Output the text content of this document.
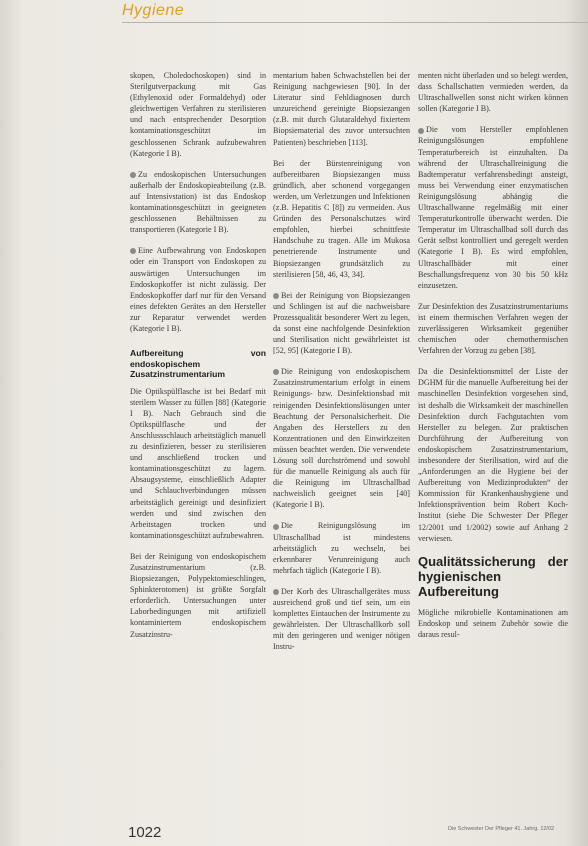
Hygiene

skopen, Choledochoskopen) sind in Sterilgutverpackung mit Gas (Ethylenoxid oder Formaldehyd) oder gleichwertigen Verfahren zu sterilisieren und nach entsprechender Desorption kontaminationsgeschützt im geschlossenen Schrank aufzubewahren (Kategorie I B).

Zu endoskopischen Untersuchungen außerhalb der Endoskopieabteilung (z.B. auf Intensivstation) ist das Endoskop kontaminationsgeschützt in geeigneten geschlossenen Behältnissen zu transportieren (Kategorie I B).

Eine Aufbewahrung von Endoskopen oder ein Transport von Endoskopen zu auswärtigen Untersuchungen im Endoskopkoffer ist nicht zulässig. Der Endoskopkoffer darf nur für den Versand eines defekten Gerätes an den Hersteller zur Reparatur verwendet werden (Kategorie I B).

Aufbereitung von endoskopischem Zusatzinstrumentarium

Die Optikspülflasche ist bei Bedarf mit sterilem Wasser zu füllen [88] (Kategorie I B). Nach Gebrauch sind die Optikspülflasche und der Anschlussschlauch arbeitstäglich manuell zu desinfizieren, besser zu sterilisieren und anschließend trocken und kontaminationsgeschützt zu lagern. Absaugsysteme, einschließlich Adapter und Schlauchverbindungen müssen arbeitstäglich gereinigt und desinfiziert werden und sind zwischen den Arbeitstagen trocken und kontaminationsgeschützt aufzubewahren.

Bei der Reinigung von endoskopischem Zusatzinstrumentarium (z.B. Biopsiezangen, Polypektomieschlingen, Sphinkterotomen) ist größte Sorgfalt erforderlich. Untersuchungen unter Laborbedingungen mit artifiziell kontaminiertem endoskopischem Zusatzinstru-

mentarium haben Schwachstellen bei der Reinigung nachgewiesen [90]. In der Literatur sind Fehldiagnosen durch unzureichend gereinigte Biopsiezangen (z.B. mit durch Glutaraldehyd fixiertem Biopsiematerial des zuvor untersuchten Patienten) beschrieben [113].

Bei der Bürstenreinigung von aufbereitbaren Biopsiezangen muss gründlich, aber schonend vorgegangen werden, um Verletzungen und Infektionen (z.B. Hepatitis C [8]) zu vermeiden. Aus Gründen des Personalschutzes wird empfohlen, hierbei schnittfeste Handschuhe zu tragen. Alle im Mukosa penetrierende Instrumente und Biopsiezangen grundsätzlich zu sterilisieren [58, 46, 43, 34].

Bei der Reinigung von Biopsiezangen und Schlingen ist auf die nachweisbare Prozessqualität besonderer Wert zu legen, da sonst eine nachfolgende Desinfektion und Sterilisation nicht gewährleistet ist [52, 95] (Kategorie I B).

Die Reinigung von endoskopischem Zusatzinstrumentarium erfolgt in einem Reinigungs- bzw. Desinfektionsbad mit reinigenden Desinfektionslösungen unter Beachtung der Personalsicherheit. Die Angaben des Herstellers zu den Konzentrationen und den Einwirkzeiten müssen beachtet werden. Die verwendete Lösung soll durchströmend und sowohl für die manuelle Reinigung als auch für die Reinigung im Ultraschallbad nachweislich geeignet sein [40] (Kategorie I B).

Die Reinigungslösung im Ultraschallbad ist mindestens arbeitstäglich zu wechseln, bei erkennbarer Verunreinigung auch mehrfach täglich (Kategorie I B).

Der Korb des Ultraschallgerätes muss ausreichend groß und tief sein, um ein komplettes Eintauchen der Instrumente zu gewährleisten. Der Ultraschallkorb soll mit den geringeren und weniger nötigen Instru-

menten nicht überladen und so belegt werden, dass Schallschatten vermieden werden, da Ultraschallwellen sonst nicht wirken können sollen (Kategorie I B).

Die vom Hersteller empfohlenen Reinigungslösungen empfohlene Temperaturbereich ist einzuhalten. Da während der Ultraschallreinigung die Badtemperatur verfahrensbedingt ansteigt, muss bei Verwendung einer enzymatischen Reinigungslösung abhängig die Ultraschallwanne regelmäßig mit einer Temperaturkontrolle überwacht werden. Die Temperatur im Ultraschallbad soll durch das Gerät selbst kontrolliert und geregelt werden (Kategorie I B). Es wird empfohlen, Ultraschallbäder mit einer Beschallungsfrequenz von 30 bis 50 kHz einzusetzen.

Zur Desinfektion des Zusatzinstrumentariums ist einem thermischen Verfahren wegen der zuverlässigeren Wirksamkeit gegenüber chemischen oder chemothermischen Verfahren der Vorzug zu geben [38].

Da die Desinfektionsmittel der Liste der DGHM für die manuelle Aufbereitung bei der maschinellen Desinfektion vorgesehen sind, ist deshalb die Wirksamkeit der maschinellen Desinfektion durch Fachgutachten vom Hersteller zu belegen. Zur praktischen Durchführung der Aufbereitung von endoskopischem Zusatzinstrumentarium, insbesondere der Sterilisation, wird auf die „Anforderungen an die Hygiene bei der Aufbereitung von Medizinprodukten“ der Kommission für Krankenhaushygiene und Infektionsprävention beim Robert Koch-Institut (siehe Die Schwester Der Pfleger 12/2001 und 1/2002) sowie auf Anhang 2 verwiesen.

Qualitätssicherung der hygienischen Aufbereitung

Mögliche mikrobielle Kontaminationen am Endoskop und seinem Zubehör sowie die daraus resul-

1022	Die Schwester Der Pfleger 41. Jahrg. 12/02
